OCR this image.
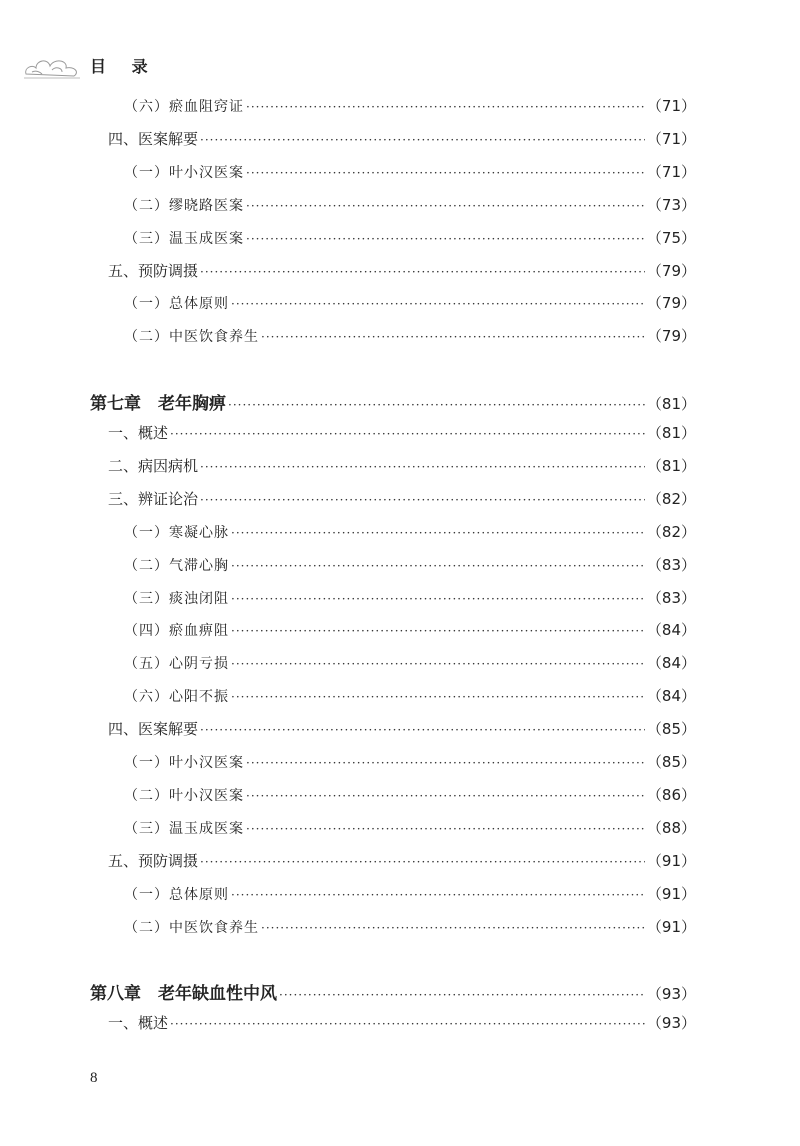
目 录
（六）瘀血阻窍证 ·····	（71）
四、医案解要 ·····	（71）
（一）叶小汉医案 ·····	（71）
（二）缪晓路医案 ·····	（73）
（三）温玉成医案 ·····	（75）
五、预防调摄 ·····	（79）
（一）总体原则 ·····	（79）
（二）中医饮食养生 ·····	（79）
第七章　老年胸痹 ·····	（81）
一、概述 ·····	（81）
二、病因病机 ·····	（81）
三、辨证论治 ·····	（82）
（一）寒凝心脉 ·····	（82）
（二）气滞心胸 ·····	（83）
（三）痰浊闭阻 ·····	（83）
（四）瘀血痹阻 ·····	（84）
（五）心阴亏损 ·····	（84）
（六）心阳不振 ·····	（84）
四、医案解要 ·····	（85）
（一）叶小汉医案 ·····	（85）
（二）叶小汉医案 ·····	（86）
（三）温玉成医案 ·····	（88）
五、预防调摄 ·····	（91）
（一）总体原则 ·····	（91）
（二）中医饮食养生 ·····	（91）
第八章　老年缺血性中风 ·····	（93）
一、概述 ·····	（93）
8
